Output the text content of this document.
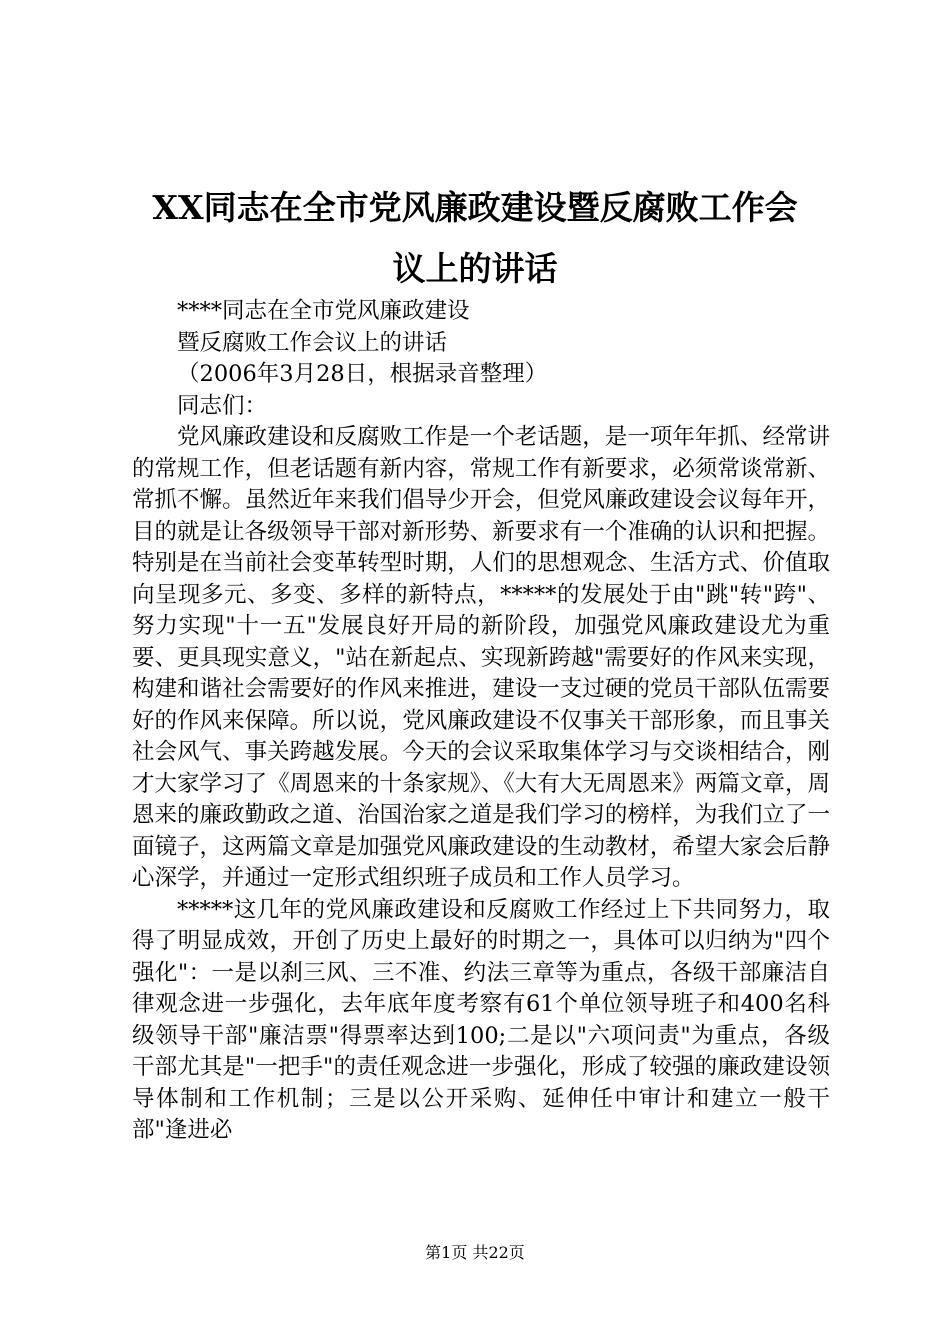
XX同志在全市党风廉政建设暨反腐败工作会
议上的讲话

****同志在全市党风廉政建设

暨反腐败工作会议上的讲话

（2006年3月28日，根据录音整理）

同志们：

党风廉政建设和反腐败工作是一个老话题，是一项年年抓、经常讲的常规工作，但老话题有新内容，常规工作有新要求，必须常谈常新、常抓不懈。虽然近年来我们倡导少开会，但党风廉政建设会议每年开，目的就是让各级领导干部对新形势、新要求有一个准确的认识和把握。特别是在当前社会变革转型时期，人们的思想观念、生活方式、价值取向呈现多元、多变、多样的新特点，*****的发展处于由"跳"转"跨"、努力实现"十一五"发展良好开局的新阶段，加强党风廉政建设尤为重要、更具现实意义，"站在新起点、实现新跨越"需要好的作风来实现，构建和谐社会需要好的作风来推进，建设一支过硬的党员干部队伍需要好的作风来保障。所以说，党风廉政建设不仅事关干部形象，而且事关社会风气、事关跨越发展。今天的会议采取集体学习与交谈相结合，刚才大家学习了《周恩来的十条家规》、《大有大无周恩来》两篇文章，周恩来的廉政勤政之道、治国治家之道是我们学习的榜样，为我们立了一面镜子，这两篇文章是加强党风廉政建设的生动教材，希望大家会后静心深学，并通过一定形式组织班子成员和工作人员学习。

*****这几年的党风廉政建设和反腐败工作经过上下共同努力，取得了明显成效，开创了历史上最好的时期之一，具体可以归纳为"四个强化"：一是以刹三风、三不准、约法三章等为重点，各级干部廉洁自律观念进一步强化，去年底年度考察有61个单位领导班子和400名科级领导干部"廉洁票"得票率达到100;二是以"六项问责"为重点，各级干部尤其是"一把手"的责任观念进一步强化，形成了较强的廉政建设领导体制和工作机制；三是以公开采购、延伸任中审计和建立一般干部"逢进必

第1页 共22页
